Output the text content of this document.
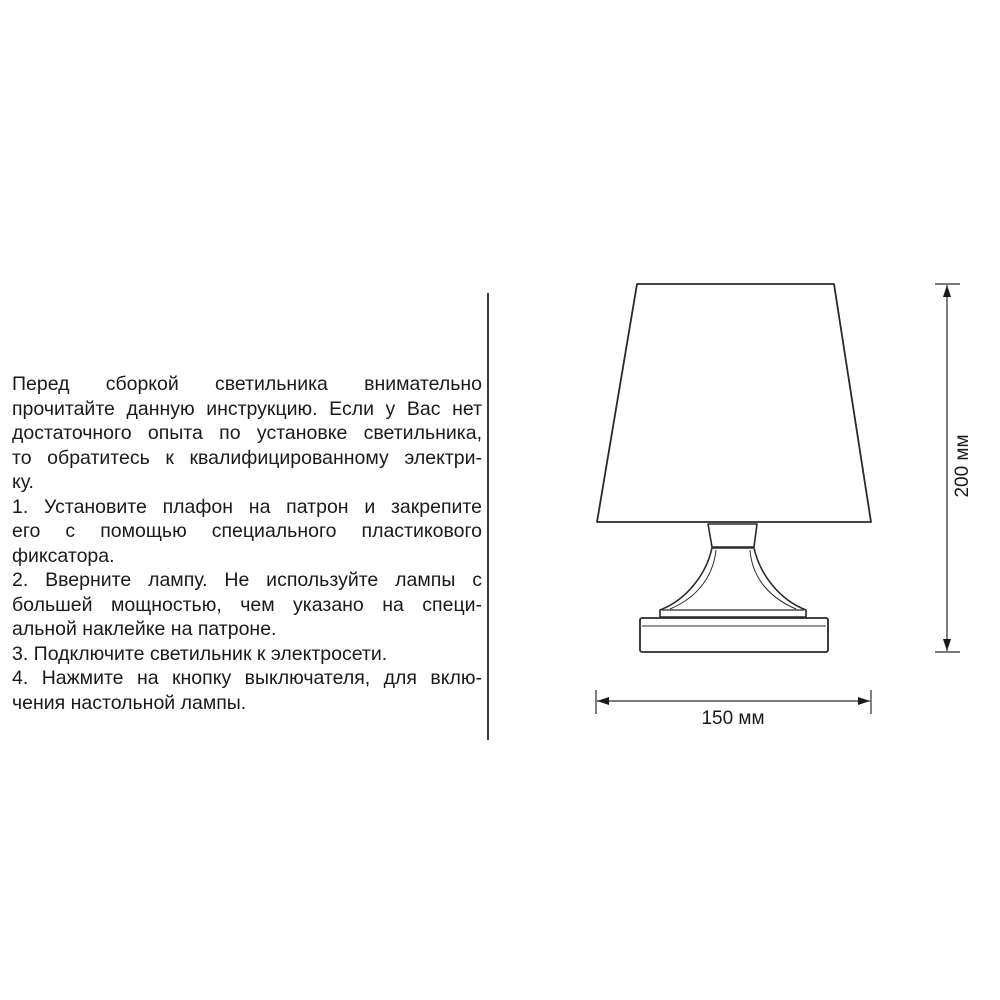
Перед сборкой светильника внимательно
прочитайте данную инструкцию. Если у Вас нет
достаточного опыта по установке светильника,
то обратитесь к квалифицированному электри-
ку.
1. Установите плафон на патрон и закрепите
его с помощью специального пластикового
фиксатора.
2. Вверните лампу. Не используйте лампы с
большей мощностью, чем указано на специ-
альной наклейке на патроне.
3. Подключите светильник к электросети.
4. Нажмите на кнопку выключателя, для вклю-
чения настольной лампы.
150 мм
200 мм
